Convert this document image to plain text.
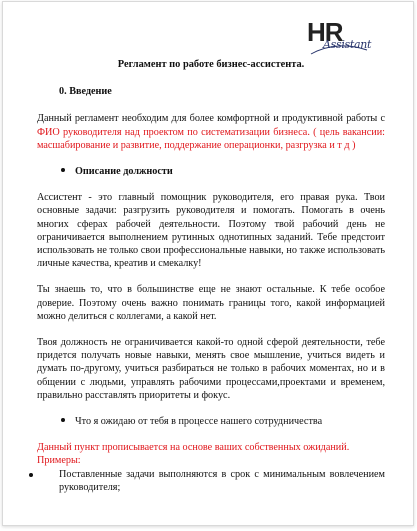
HR
Assistant
Регламент по работе бизнес-ассистента.
0. Введение

Данный регламент необходим для более комфортной и продуктивной работы с ФИО руководителя над проектом по систематизации бизнеса. ( цель вакансии: масшабирование и развитие, поддержание операционки, разгрузка и т д )

Описание должности

Ассистент - это главный помощник руководителя, его правая рука. Твои основные задачи: разгрузить руководителя и помогать. Помогать в очень многих сферах рабочей деятельности. Поэтому твой рабочий день не ограничивается выполнением рутинных однотипных заданий. Тебе предстоит использовать не только свои профессиональные навыки, но также использовать личные качества, креатив и смекалку!

Ты знаешь то, что в большинстве еще не знают остальные. К тебе особое доверие. Поэтому очень важно понимать границы того, какой информацией можно делиться с коллегами, а какой нет.

Твоя должность не ограничивается какой-то одной сферой деятельности, тебе придется получать новые навыки, менять свое мышление, учиться видеть и думать по-другому, учиться разбираться не только в рабочих моментах, но и в общении с людьми, управлять рабочими процессами,проектами и временем, правильно расставлять приоритеты и фокус.

Что я ожидаю от тебя в процессе нашего сотрудничества

Данный пункт прописывается на основе ваших собственных ожиданий.

Примеры:

Поставленные задачи выполняются в срок с минимальным вовлечением руководителя;
